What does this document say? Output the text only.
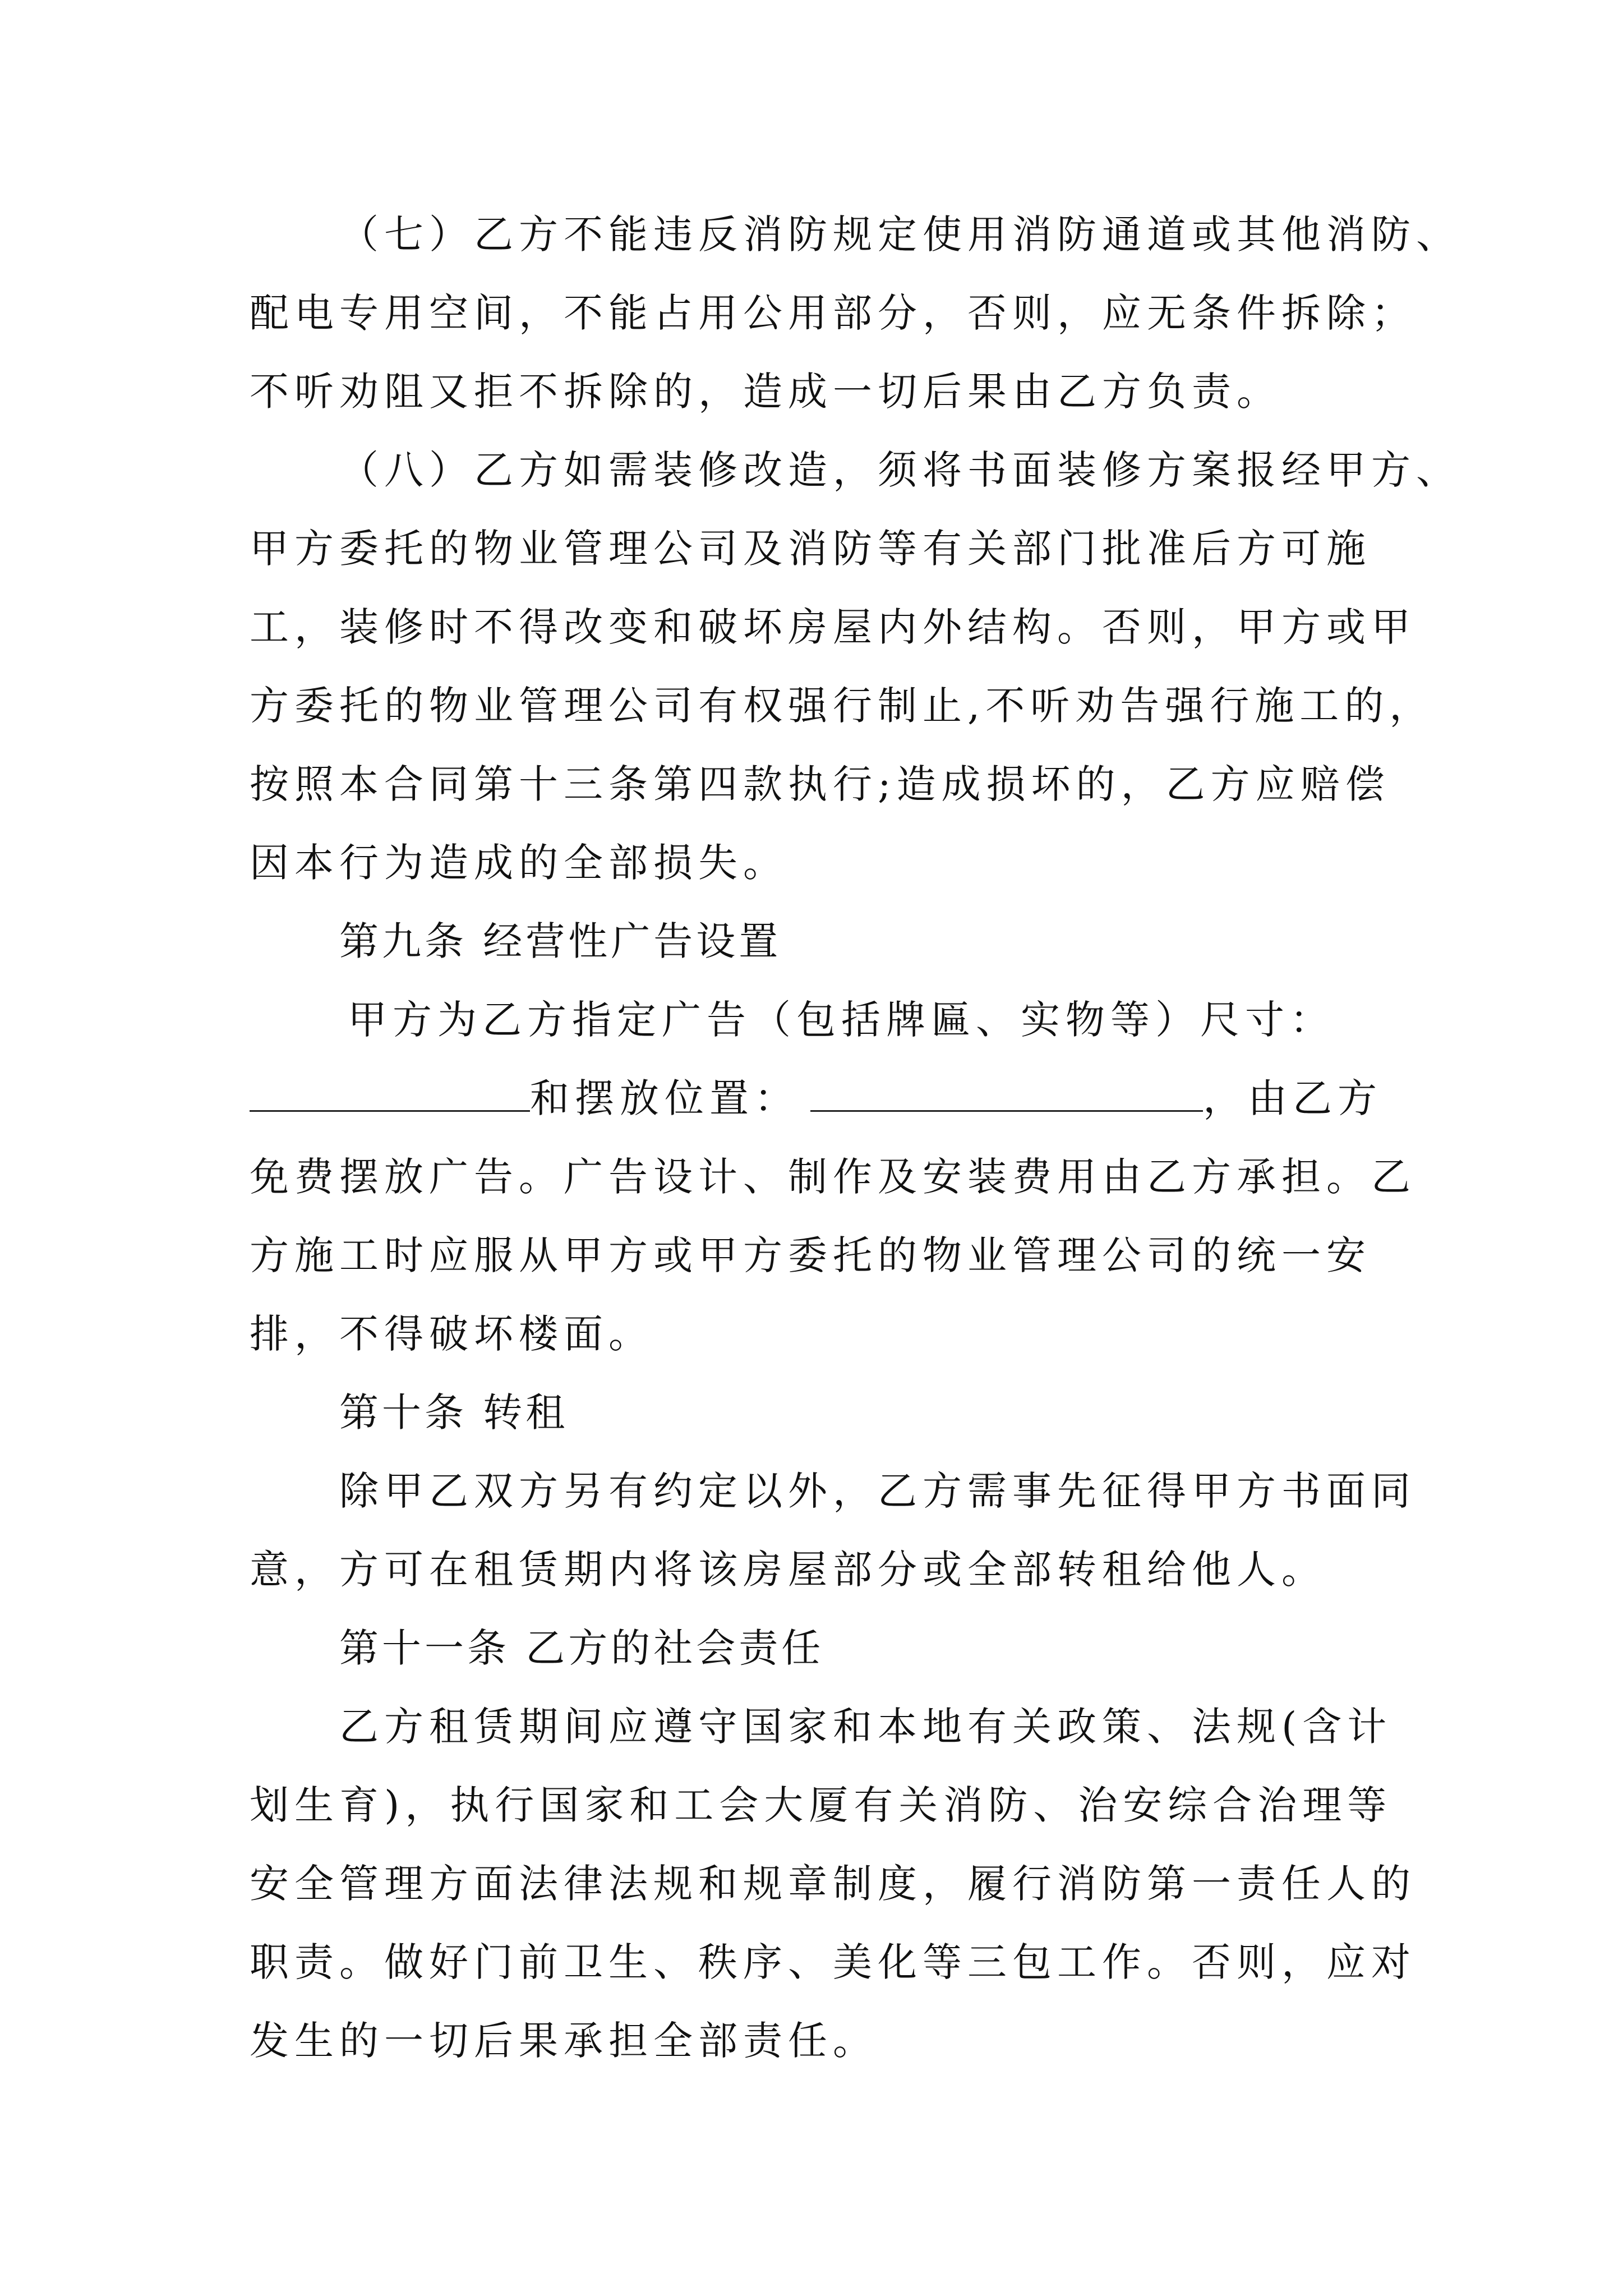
（七）乙方不能违反消防规定使用消防通道或其他消防、
配电专用空间，不能占用公用部分，否则，应无条件拆除；
不听劝阻又拒不拆除的，造成一切后果由乙方负责。
（八）乙方如需装修改造，须将书面装修方案报经甲方、
甲方委托的物业管理公司及消防等有关部门批准后方可施
工，装修时不得改变和破坏房屋内外结构。否则，甲方或甲
方委托的物业管理公司有权强行制止,不听劝告强行施工的，
按照本合同第十三条第四款执行;造成损坏的，乙方应赔偿
因本行为造成的全部损失。
第九条 经营性广告设置
甲方为乙方指定广告（包括牌匾、实物等）尺寸：
和摆放位置：	，由乙方
免费摆放广告。广告设计、制作及安装费用由乙方承担。乙
方施工时应服从甲方或甲方委托的物业管理公司的统一安
排，不得破坏楼面。
第十条 转租
除甲乙双方另有约定以外，乙方需事先征得甲方书面同
意，方可在租赁期内将该房屋部分或全部转租给他人。
第十一条 乙方的社会责任
乙方租赁期间应遵守国家和本地有关政策、法规(含计
划生育)，执行国家和工会大厦有关消防、治安综合治理等
安全管理方面法律法规和规章制度，履行消防第一责任人的
职责。做好门前卫生、秩序、美化等三包工作。否则，应对
发生的一切后果承担全部责任。
